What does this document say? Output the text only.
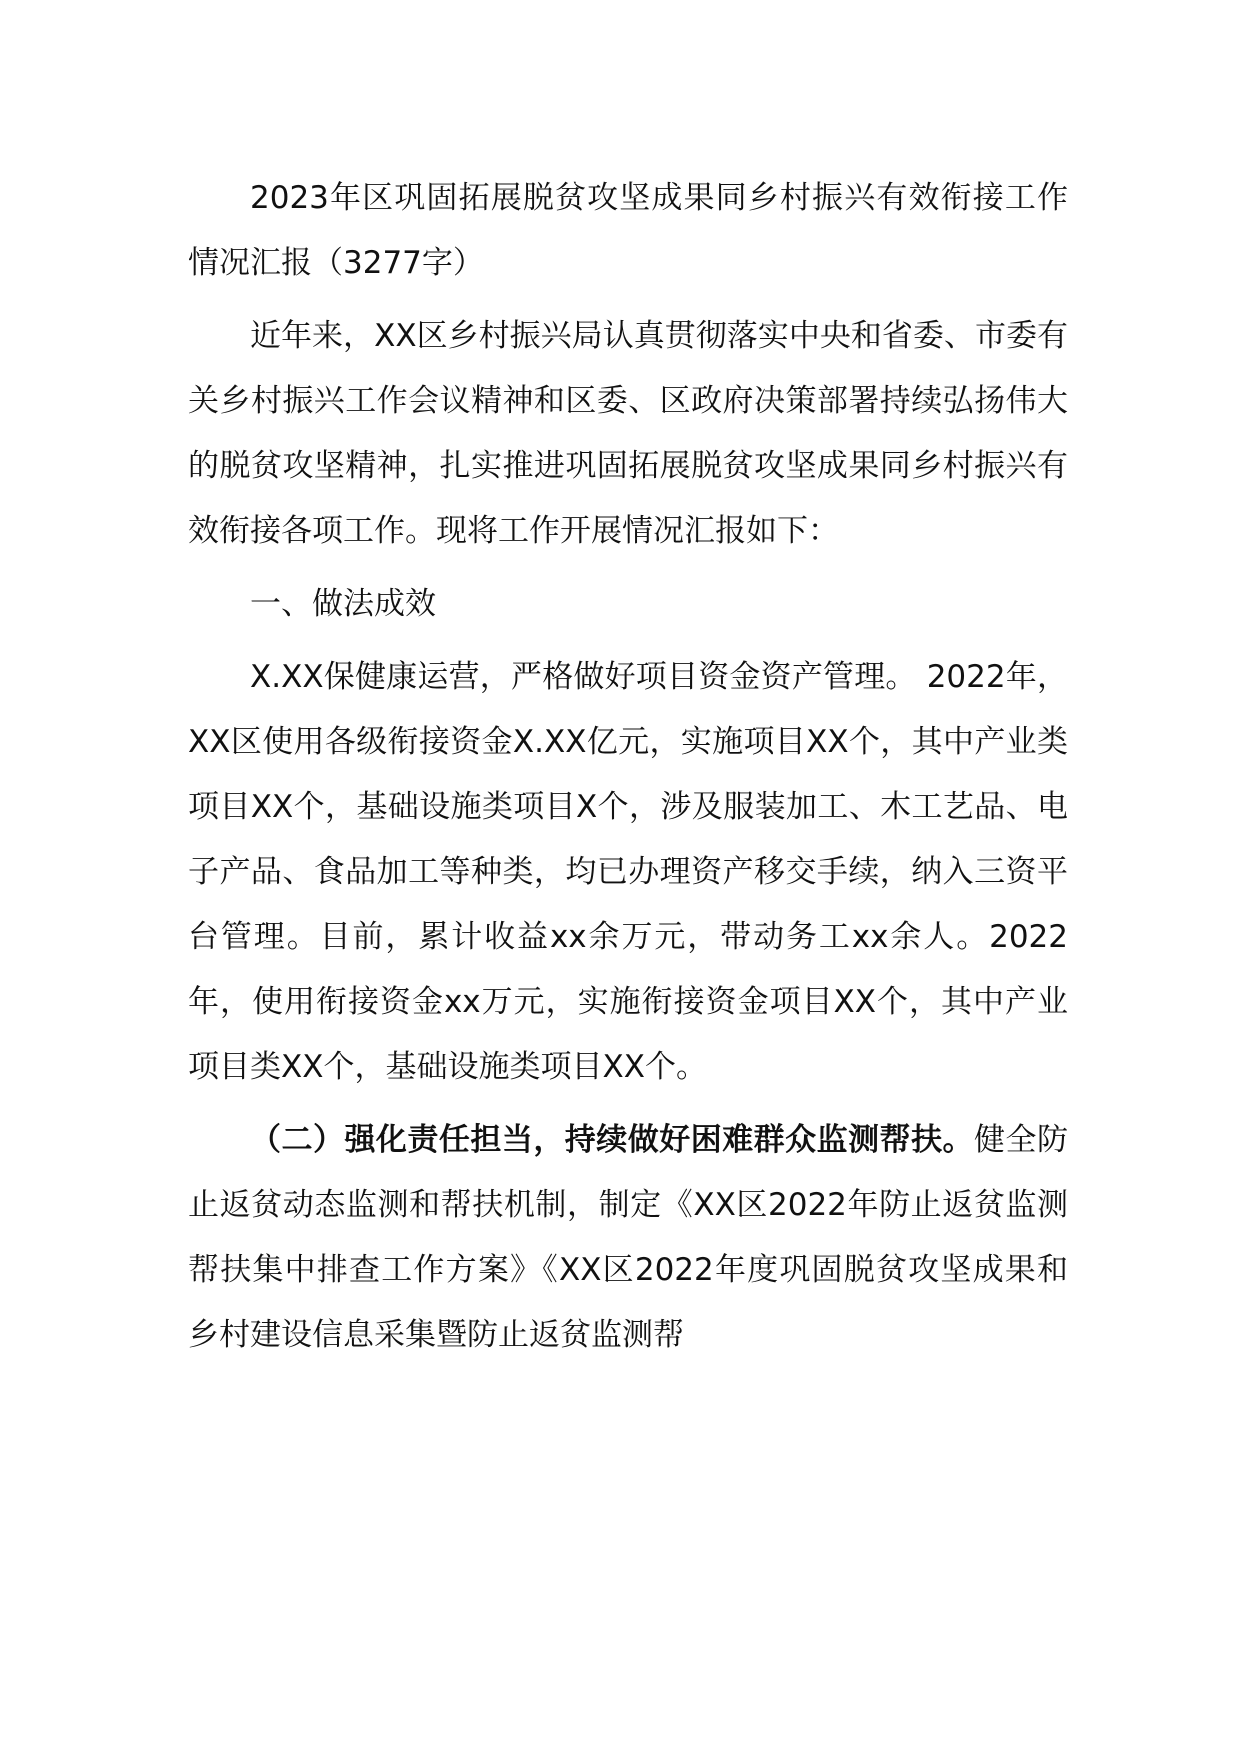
2023年区巩固拓展脱贫攻坚成果同乡村振兴有效衔接工作情况汇报（3277字）

近年来，XX区乡村振兴局认真贯彻落实中央和省委、市委有关乡村振兴工作会议精神和区委、区政府决策部署持续弘扬伟大的脱贫攻坚精神，扎实推进巩固拓展脱贫攻坚成果同乡村振兴有效衔接各项工作。现将工作开展情况汇报如下：

一、做法成效

X.XX保健康运营，严格做好项目资金资产管理。 2022年，XX区使用各级衔接资金X.XX亿元，实施项目XX个，其中产业类项目XX个，基础设施类项目X个，涉及服装加工、木工艺品、电子产品、食品加工等种类，均已办理资产移交手续，纳入三资平台管理。目前，累计收益xx余万元，带动务工xx余人。2022年，使用衔接资金xx万元，实施衔接资金项目XX个，其中产业项目类XX个，基础设施类项目XX个。

（二）强化责任担当，持续做好困难群众监测帮扶。健全防止返贫动态监测和帮扶机制，制定《XX区2022年防止返贫监测帮扶集中排查工作方案》《XX区2022年度巩固脱贫攻坚成果和乡村建设信息采集暨防止返贫监测帮
